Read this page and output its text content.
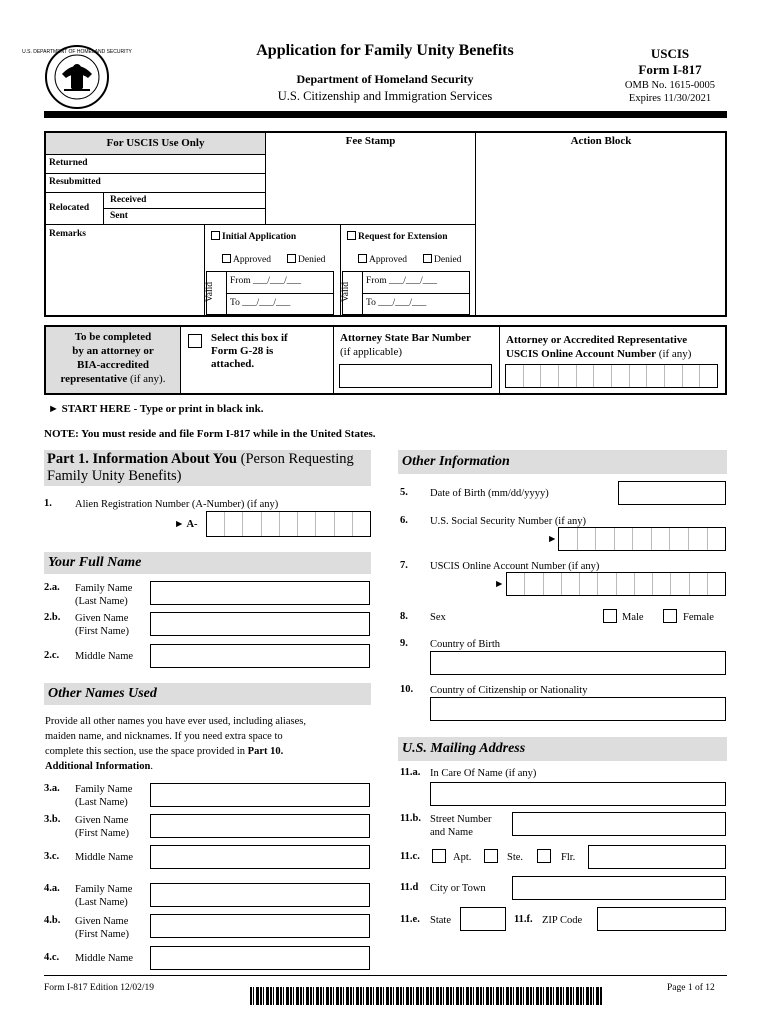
U.S. DEPARTMENT OF HOMELAND SECURITY	Application for Family Unity Benefits
Department of Homeland Security
U.S. Citizenship and Immigration Services
USCIS
Form I-817
OMB No. 1615-0005
Expires 11/30/2021
For USCIS Use Only	Fee Stamp	Action Block
Returned
Resubmitted
Relocated
Received
Sent
Remarks	Initial Application
Approved	Denied
Request for Extension
Approved	Denied
Valid
From ___/___/___
To ___/___/___
Valid
From ___/___/___
To ___/___/___
To be completed
by an attorney or
BIA-accredited
representative (if any).
Select this box if
Form G-28 is
attached.
Attorney State Bar Number
(if applicable)
Attorney or Accredited Representative
USCIS Online Account Number (if any)
► START HERE - Type or print in black ink.
NOTE: You must reside and file Form I-817 while in the United States.
Part 1. Information About You (Person Requesting Family Unity Benefits)
1. Alien Registration Number (A-Number) (if any)
► A-
Your Full Name
2.a. Family Name
(Last Name)
2.b. Given Name
(First Name)
2.c. Middle Name
Other Names Used
Provide all other names you have ever used, including aliases,
maiden name, and nicknames. If you need extra space to
complete this section, use the space provided in Part 10.
Additional Information.
3.a. Family Name
(Last Name)
3.b. Given Name
(First Name)
3.c. Middle Name
4.a. Family Name
(Last Name)
4.b. Given Name
(First Name)
4.c. Middle Name
Other Information
5. Date of Birth (mm/dd/yyyy)
6. U.S. Social Security Number (if any)
►
7. USCIS Online Account Number (if any)
►
8. Sex	Male	Female
9. Country of Birth
10. Country of Citizenship or Nationality
U.S. Mailing Address
11.a. In Care Of Name (if any)
11.b. Street Number
and Name
11.c.	Apt.	Ste.	Flr.
11.d City or Town
11.e. State	11.f. ZIP Code
Form I-817 Edition 12/02/19	Page 1 of 12
